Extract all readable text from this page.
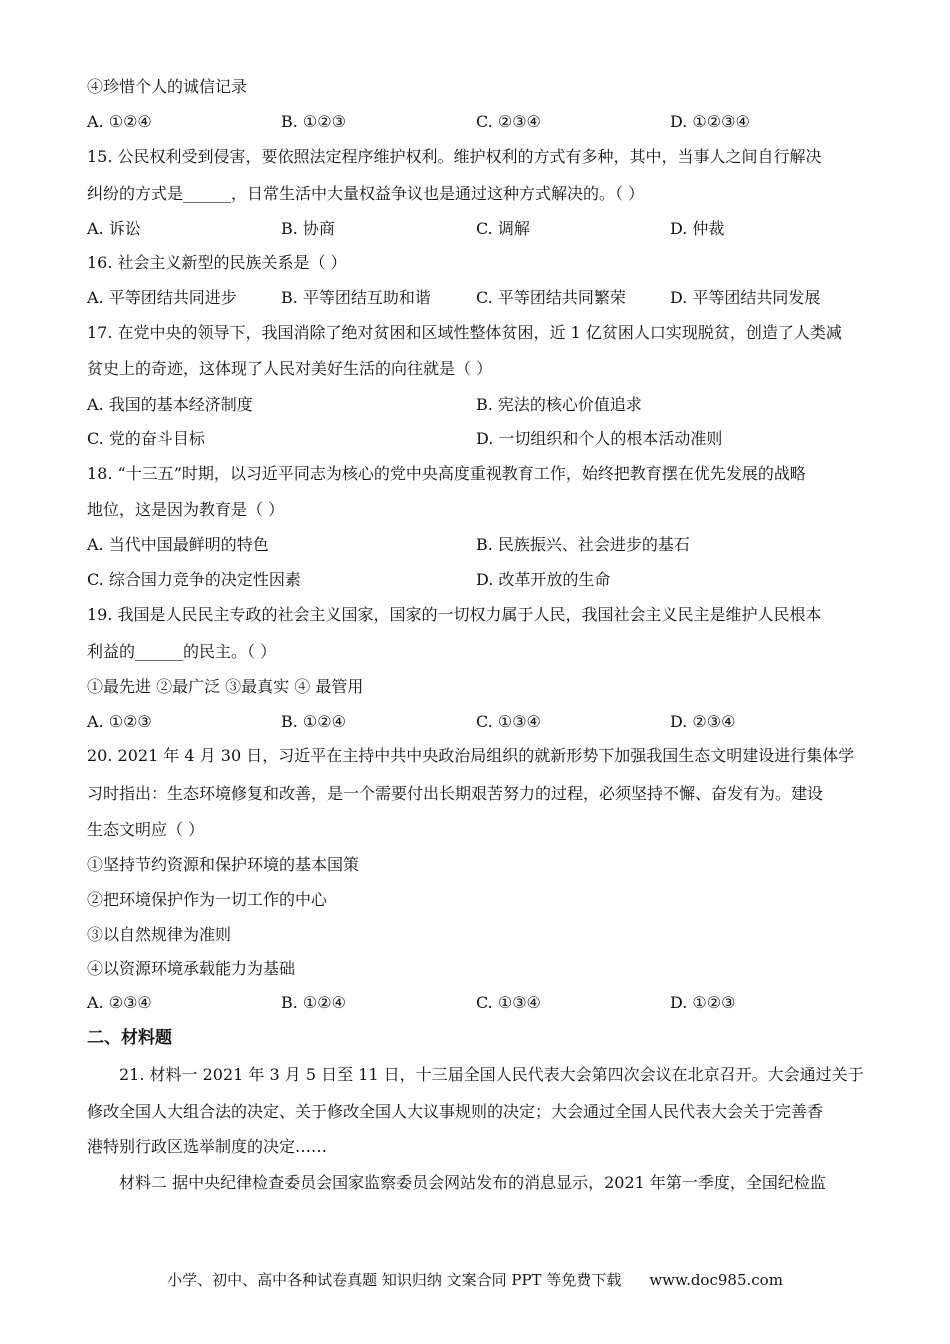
④珍惜个人的诚信记录
A. ①②④	B. ①②③	C. ②③④	D. ①②③④
15. 公民权利受到侵害，要依照法定程序维护权利。维护权利的方式有多种，其中，当事人之间自行解决
纠纷的方式是______，日常生活中大量权益争议也是通过这种方式解决的。（ ）
A. 诉讼	B. 协商	C. 调解	D. 仲裁
16. 社会主义新型的民族关系是（ ）
A. 平等团结共同进步	B. 平等团结互助和谐	C. 平等团结共同繁荣	D. 平等团结共同发展
17. 在党中央的领导下，我国消除了绝对贫困和区域性整体贫困，近 1 亿贫困人口实现脱贫，创造了人类减
贫史上的奇迹，这体现了人民对美好生活的向往就是（ ）
A. 我国的基本经济制度	B. 宪法的核心价值追求
C. 党的奋斗目标	D. 一切组织和个人的根本活动准则
18. “十三五”时期，以习近平同志为核心的党中央高度重视教育工作，始终把教育摆在优先发展的战略
地位，这是因为教育是（ ）
A. 当代中国最鲜明的特色	B. 民族振兴、社会进步的基石
C. 综合国力竞争的决定性因素	D. 改革开放的生命
19. 我国是人民民主专政的社会主义国家，国家的一切权力属于人民，我国社会主义民主是维护人民根本
利益的______的民主。（ ）
①最先进 ②最广泛 ③最真实 ④ 最管用
A. ①②③	B. ①②④	C. ①③④	D. ②③④
20. 2021 年 4 月 30 日，习近平在主持中共中央政治局组织的就新形势下加强我国生态文明建设进行集体学
习时指出：生态环境修复和改善，是一个需要付出长期艰苦努力的过程，必须坚持不懈、奋发有为。建设
生态文明应（ ）
①坚持节约资源和保护环境的基本国策
②把环境保护作为一切工作的中心
③以自然规律为准则
④以资源环境承载能力为基础
A. ②③④	B. ①②④	C. ①③④	D. ①②③
二、材料题
21. 材料一 2021 年 3 月 5 日至 11 日，十三届全国人民代表大会第四次会议在北京召开。大会通过关于
修改全国人大组合法的决定、关于修改全国人大议事规则的决定；大会通过全国人民代表大会关于完善香
港特别行政区选举制度的决定……
材料二 据中央纪律检查委员会国家监察委员会网站发布的消息显示，2021 年第一季度，全国纪检监
小学、初中、高中各种试卷真题 知识归纳 文案合同 PPT 等免费下载 www.doc985.com
